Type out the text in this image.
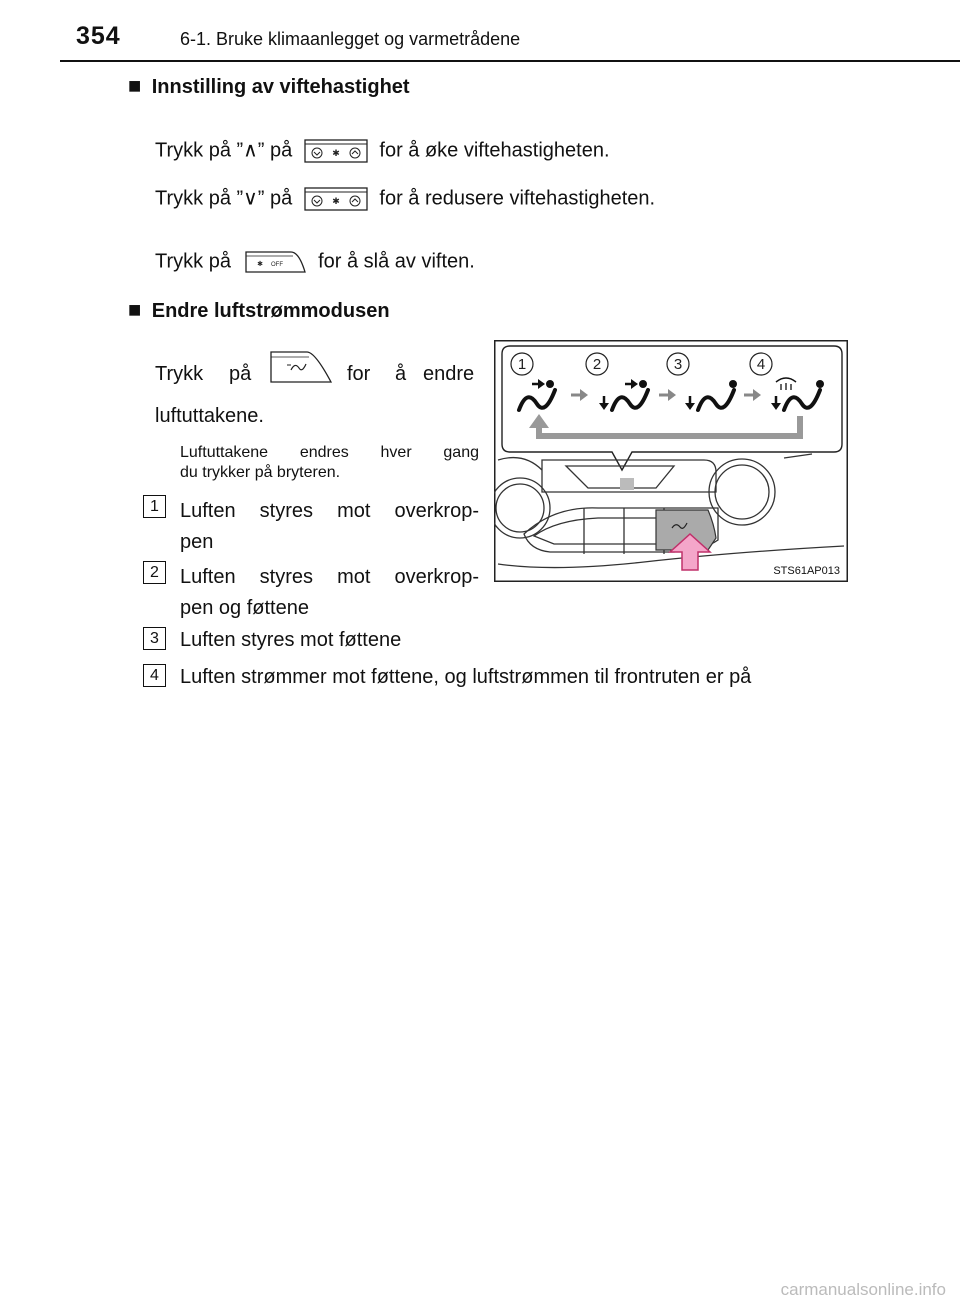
354	6-1. Bruke klimaanlegget og varmetrådene
■ Innstilling av viftehastighet
Trykk på ”∧” på	✱ for å øke viftehastigheten.
Trykk på ”∨” på	✱ for å redusere viftehastigheten.
Trykk på	✱ OFF for å slå av viften.
■ Endre luftstrømmodusen
Trykk på	for å endre
luftuttakene.
Luftuttakene endres hver gang
du trykker på bryteren.
1	Luften styres mot overkrop-
pen
2	Luften styres mot overkrop-
pen og føttene
3	Luften styres mot føttene
4	Luften strømmer mot føttene, og luftstrømmen til frontruten er på
1	2	3	4
STS61AP013
carmanualsonline.info
